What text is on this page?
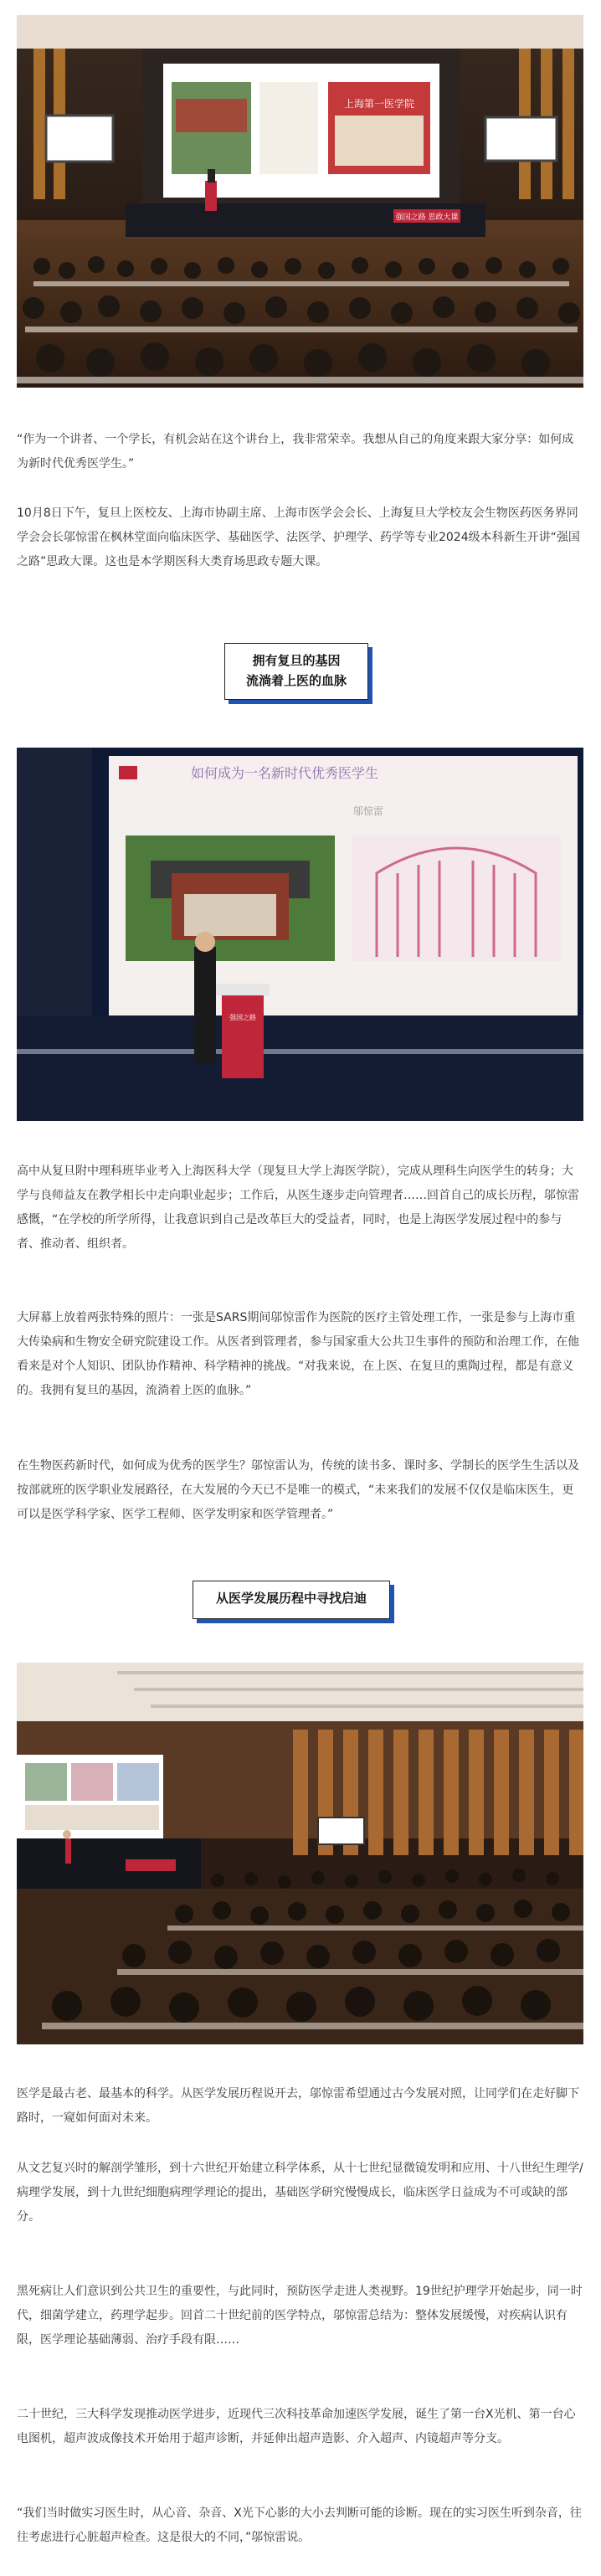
上海第一医学院
强国之路 思政大课

“作为一个讲者、一个学长，有机会站在这个讲台上，我非常荣幸。我想从自己的角度来跟大家分享：如何成为新时代优秀医学生。”

10月8日下午，复旦上医校友、上海市协副主席、上海市医学会会长、上海复旦大学校友会生物医药医务界同学会会长邬惊雷在枫林堂面向临床医学、基础医学、法医学、护理学、药学等专业2024级本科新生开讲“强国之路”思政大课。这也是本学期医科大类育场思政专题大课。

拥有复旦的基因
流淌着上医的血脉
如何成为一名新时代优秀医学生
邬惊雷
强国之路

高中从复旦附中理科班毕业考入上海医科大学（现复旦大学上海医学院），完成从理科生向医学生的转身；大学与良师益友在教学相长中走向职业起步；工作后，从医生逐步走向管理者……回首自己的成长历程，邬惊雷感慨，“在学校的所学所得，让我意识到自己是改革巨大的受益者，同时，也是上海医学发展过程中的参与者、推动者、组织者。

大屏幕上放着两张特殊的照片：一张是SARS期间邬惊雷作为医院的医疗主管处理工作，一张是参与上海市重大传染病和生物安全研究院建设工作。从医者到管理者，参与国家重大公共卫生事件的预防和治理工作，在他看来是对个人知识、团队协作精神、科学精神的挑战。“对我来说，在上医、在复旦的熏陶过程，都是有意义的。我拥有复旦的基因，流淌着上医的血脉。”

在生物医药新时代，如何成为优秀的医学生？邬惊雷认为，传统的读书多、课时多、学制长的医学生生活以及按部就班的医学职业发展路径，在大发展的今天已不是唯一的模式，“未来我们的发展不仅仅是临床医生，更可以是医学科学家、医学工程师、医学发明家和医学管理者。”

从医学发展历程中寻找启迪

医学是最古老、最基本的科学。从医学发展历程说开去，邬惊雷希望通过古今发展对照，让同学们在走好脚下路时，一窥如何面对未来。

从文艺复兴时的解剖学雏形，到十六世纪开始建立科学体系，从十七世纪显微镜发明和应用、十八世纪生理学/病理学发展，到十九世纪细胞病理学理论的提出，基础医学研究慢慢成长，临床医学日益成为不可或缺的部分。

黑死病让人们意识到公共卫生的重要性，与此同时，预防医学走进人类视野。19世纪护理学开始起步，同一时代，细菌学建立，药理学起步。回首二十世纪前的医学特点，邬惊雷总结为：整体发展缓慢，对疾病认识有限，医学理论基础薄弱、治疗手段有限……

二十世纪，三大科学发现推动医学进步，近现代三次科技革命加速医学发展，诞生了第一台X光机、第一台心电图机，超声波成像技术开始用于超声诊断，并延伸出超声造影、介入超声、内镜超声等分支。

“我们当时做实习医生时，从心音、杂音、X光下心影的大小去判断可能的诊断。现在的实习医生听到杂音，往往考虑进行心脏超声检查。这是很大的不同，”邬惊雷说。
